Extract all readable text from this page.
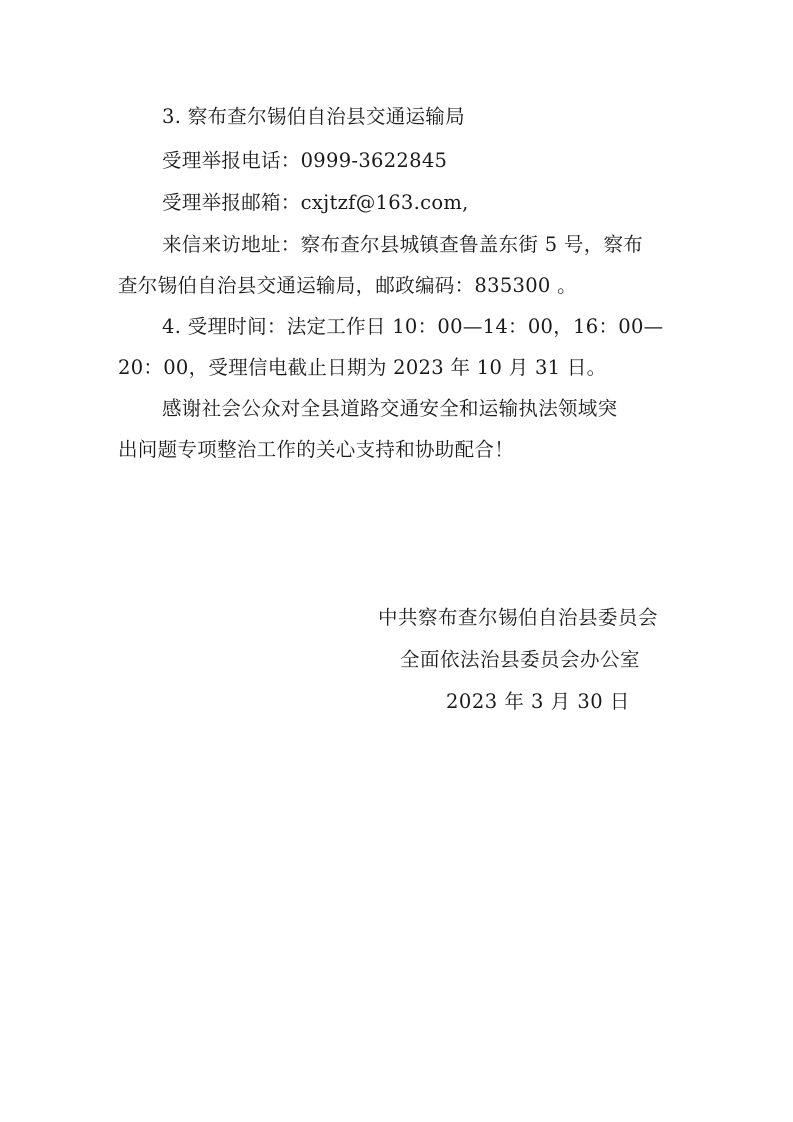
3. 察布查尔锡伯自治县交通运输局
受理举报电话：0999-3622845
受理举报邮箱：cxjtzf@163.com,
来信来访地址：察布查尔县城镇查鲁盖东街 5 号，察布
查尔锡伯自治县交通运输局，邮政编码：835300 。
4. 受理时间：法定工作日 10：00—14：00，16：00—
20：00，受理信电截止日期为 2023 年 10 月 31 日。
感谢社会公众对全县道路交通安全和运输执法领域突
出问题专项整治工作的关心支持和协助配合！
中共察布查尔锡伯自治县委员会
全面依法治县委员会办公室
2023 年 3 月 30 日
